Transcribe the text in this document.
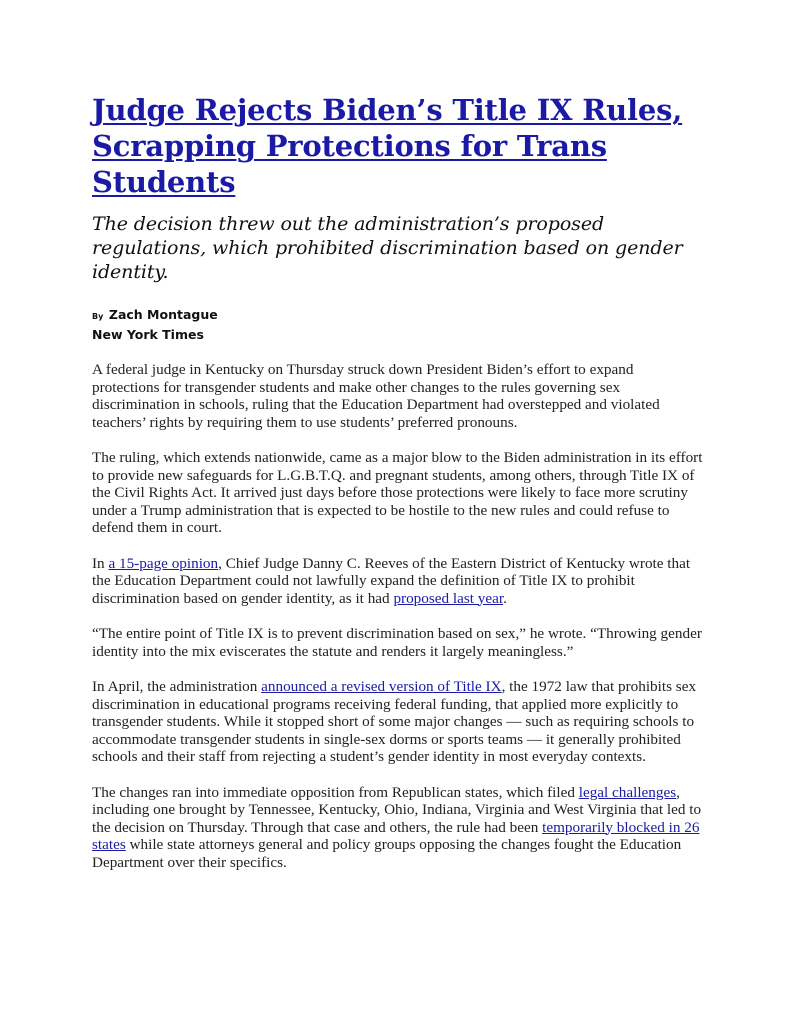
Judge Rejects Biden’s Title IX Rules, Scrapping Protections for Trans Students

The decision threw out the administration’s proposed regulations, which prohibited discrimination based on gender identity.

By Zach Montague
New York Times

A federal judge in Kentucky on Thursday struck down President Biden’s effort to expand protections for transgender students and make other changes to the rules governing sex discrimination in schools, ruling that the Education Department had overstepped and violated teachers’ rights by requiring them to use students’ preferred pronouns.

The ruling, which extends nationwide, came as a major blow to the Biden administration in its effort to provide new safeguards for L.G.B.T.Q. and pregnant students, among others, through Title IX of the Civil Rights Act. It arrived just days before those protections were likely to face more scrutiny under a Trump administration that is expected to be hostile to the new rules and could refuse to defend them in court.

In a 15-page opinion, Chief Judge Danny C. Reeves of the Eastern District of Kentucky wrote that the Education Department could not lawfully expand the definition of Title IX to prohibit discrimination based on gender identity, as it had proposed last year.

“The entire point of Title IX is to prevent discrimination based on sex,” he wrote. “Throwing gender identity into the mix eviscerates the statute and renders it largely meaningless.”

In April, the administration announced a revised version of Title IX, the 1972 law that prohibits sex discrimination in educational programs receiving federal funding, that applied more explicitly to transgender students. While it stopped short of some major changes — such as requiring schools to accommodate transgender students in single-sex dorms or sports teams — it generally prohibited schools and their staff from rejecting a student’s gender identity in most everyday contexts.

The changes ran into immediate opposition from Republican states, which filed legal challenges, including one brought by Tennessee, Kentucky, Ohio, Indiana, Virginia and West Virginia that led to the decision on Thursday. Through that case and others, the rule had been temporarily blocked in 26 states while state attorneys general and policy groups opposing the changes fought the Education Department over their specifics.
